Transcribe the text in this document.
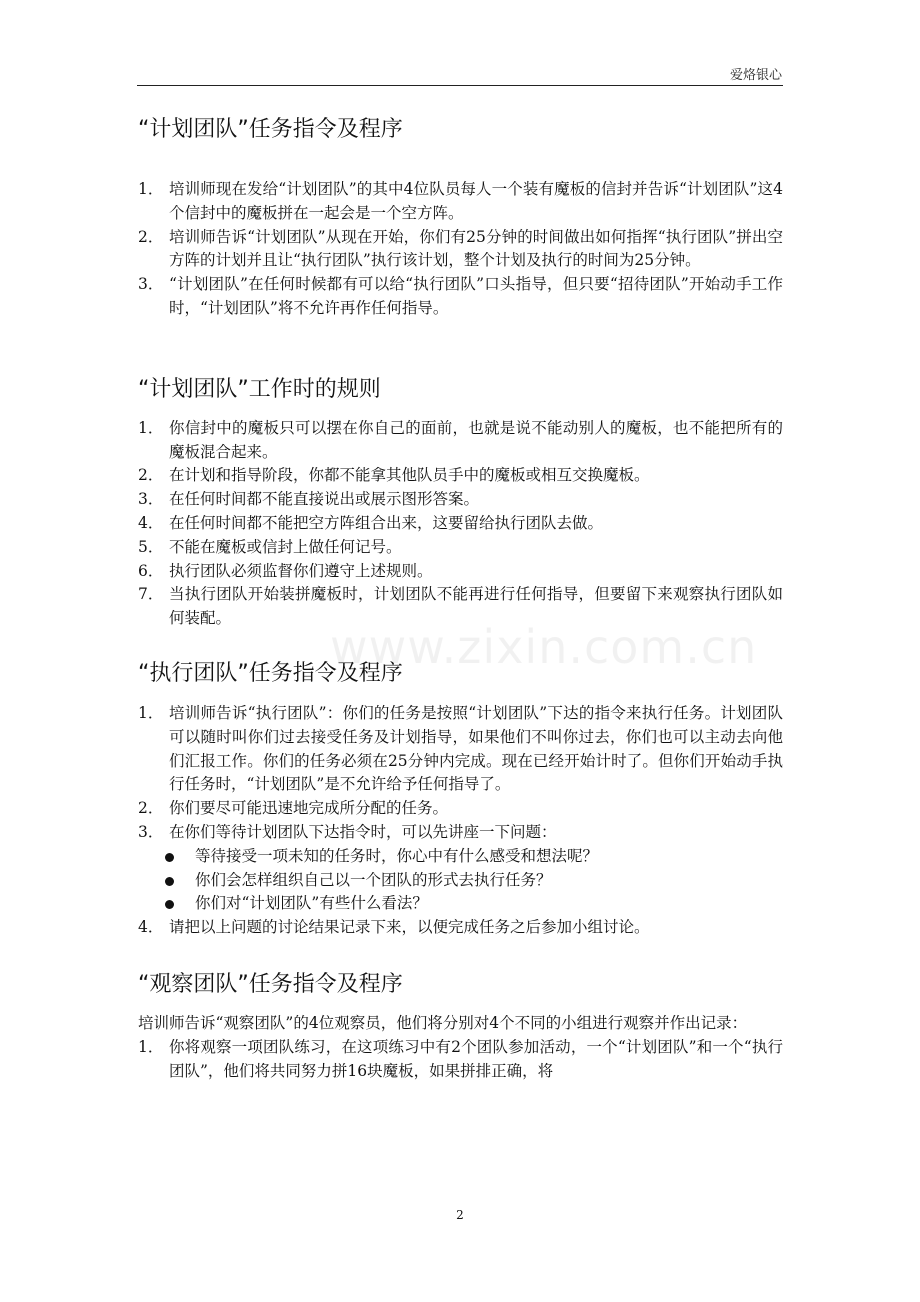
爱烙银心
www.zixin.com.cn
“计划团队”任务指令及程序
1． 培训师现在发给“计划团队”的其中4位队员每人一个装有魔板的信封并告诉“计划团队”这4个信封中的魔板拼在一起会是一个空方阵。
2． 培训师告诉“计划团队”从现在开始，你们有25分钟的时间做出如何指挥“执行团队”拼出空方阵的计划并且让“执行团队”执行该计划，整个计划及执行的时间为25分钟。
3． “计划团队”在任何时候都有可以给“执行团队”口头指导，但只要“招待团队”开始动手工作时，“计划团队”将不允许再作任何指导。
“计划团队”工作时的规则
1． 你信封中的魔板只可以摆在你自己的面前，也就是说不能动别人的魔板，也不能把所有的魔板混合起来。
2． 在计划和指导阶段，你都不能拿其他队员手中的魔板或相互交换魔板。
3． 在任何时间都不能直接说出或展示图形答案。
4． 在任何时间都不能把空方阵组合出来，这要留给执行团队去做。
5． 不能在魔板或信封上做任何记号。
6． 执行团队必须监督你们遵守上述规则。
7． 当执行团队开始装拼魔板时，计划团队不能再进行任何指导，但要留下来观察执行团队如何装配。
“执行团队”任务指令及程序
1． 培训师告诉“执行团队”：你们的任务是按照“计划团队”下达的指令来执行任务。计划团队可以随时叫你们过去接受任务及计划指导，如果他们不叫你过去，你们也可以主动去向他们汇报工作。你们的任务必须在25分钟内完成。现在已经开始计时了。但你们开始动手执行任务时，“计划团队”是不允许给予任何指导了。
2． 你们要尽可能迅速地完成所分配的任务。
3． 在你们等待计划团队下达指令时，可以先讲座一下问题：
等待接受一项未知的任务时，你心中有什么感受和想法呢？
你们会怎样组织自己以一个团队的形式去执行任务？
你们对“计划团队”有些什么看法？
4． 请把以上问题的讨论结果记录下来，以便完成任务之后参加小组讨论。
“观察团队”任务指令及程序

培训师告诉“观察团队”的4位观察员，他们将分别对4个不同的小组进行观察并作出记录：

1． 你将观察一项团队练习，在这项练习中有2个团队参加活动，一个“计划团队”和一个“执行团队”，他们将共同努力拼16块魔板，如果拼排正确，将
2
